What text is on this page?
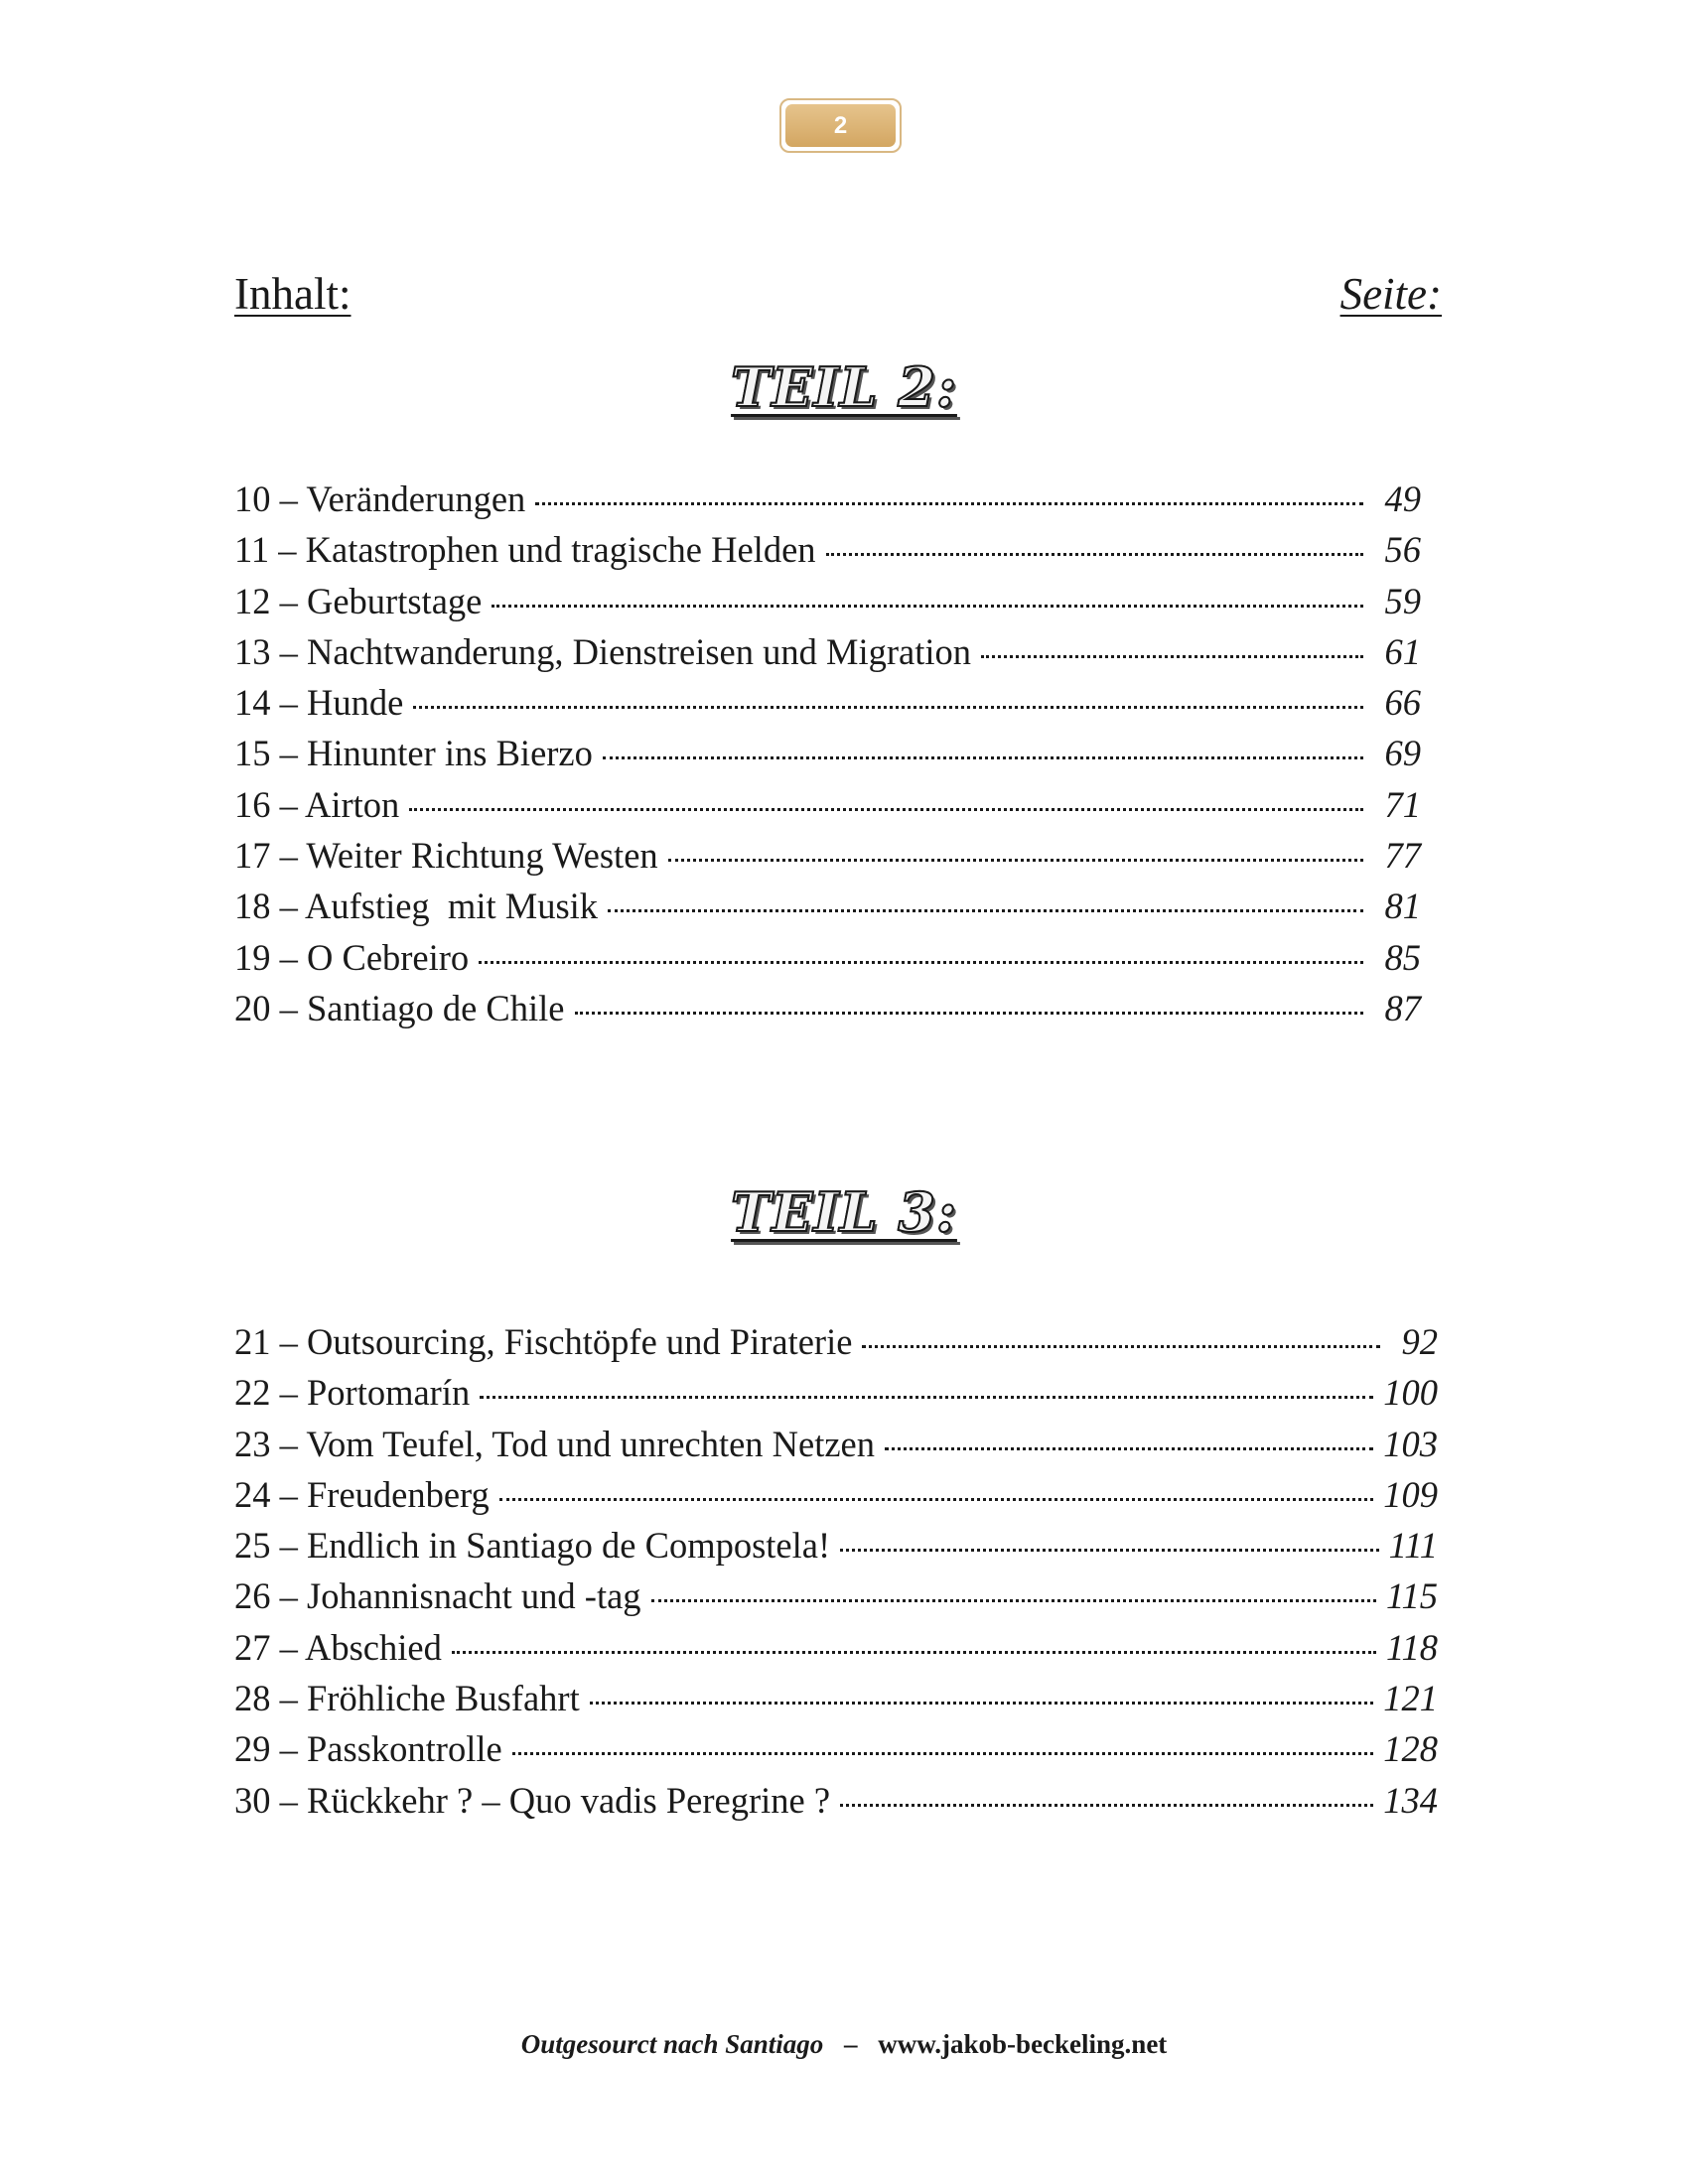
2
Inhalt:	Seite:
TEIL 2:
10 – Veränderungen	49
11 – Katastrophen und tragische Helden	56
12 – Geburtstage	59
13 – Nachtwanderung, Dienstreisen und Migration	61
14 – Hunde	66
15 – Hinunter ins Bierzo	69
16 – Airton	71
17 – Weiter Richtung Westen	77
18 – Aufstieg  mit Musik	81
19 – O Cebreiro	85
20 – Santiago de Chile	87
TEIL 3:
21 – Outsourcing, Fischtöpfe und Piraterie	92
22 – Portomarín	100
23 – Vom Teufel, Tod und unrechten Netzen	103
24 – Freudenberg	109
25 – Endlich in Santiago de Compostela!	111
26 – Johannisnacht und -tag	115
27 – Abschied	118
28 – Fröhliche Busfahrt	121
29 – Passkontrolle	128
30 – Rückkehr ? – Quo vadis Peregrine ?	134
Outgesourct nach Santiago – www.jakob-beckeling.net
